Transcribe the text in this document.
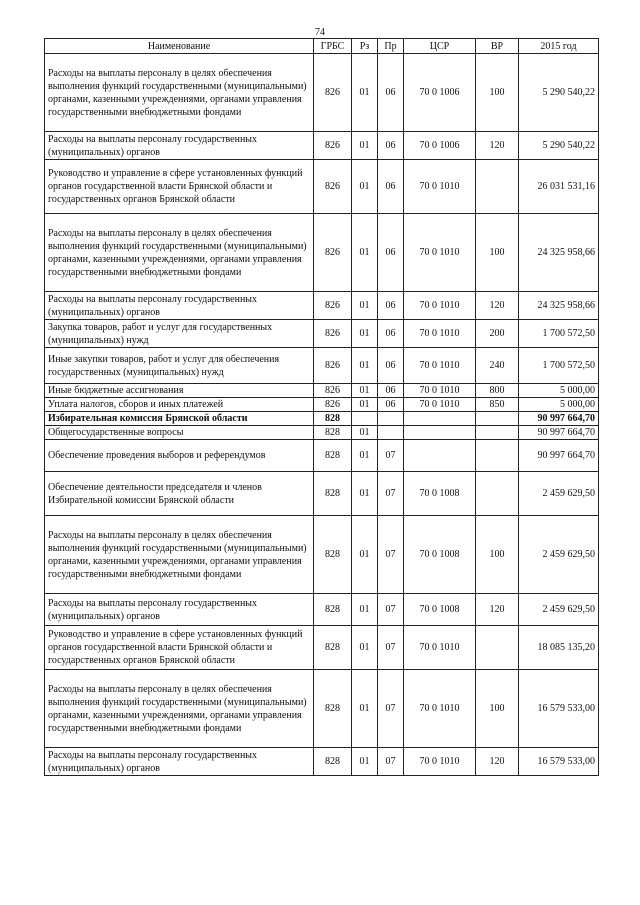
74
Наименование	ГРБС	Рз	Пр	ЦСР	ВР	2015 год
Расходы на выплаты персоналу в целях обеспечения выполнения функций государственными (муниципальными) органами, казенными учреждениями, органами управления государственными внебюджетными фондами	826	01	06	70 0 1006	100	5 290 540,22
Расходы на выплаты персоналу государственных (муниципальных) органов	826	01	06	70 0 1006	120	5 290 540,22
Руководство и управление в сфере установленных функций органов государственной власти Брянской области и государственных органов Брянской области	826	01	06	70 0 1010		26 031 531,16
Расходы на выплаты персоналу в целях обеспечения выполнения функций государственными (муниципальными) органами, казенными учреждениями, органами управления государственными внебюджетными фондами	826	01	06	70 0 1010	100	24 325 958,66
Расходы на выплаты персоналу государственных (муниципальных) органов	826	01	06	70 0 1010	120	24 325 958,66
Закупка товаров, работ и услуг для государственных (муниципальных) нужд	826	01	06	70 0 1010	200	1 700 572,50
Иные закупки товаров, работ и услуг для обеспечения государственных (муниципальных) нужд	826	01	06	70 0 1010	240	1 700 572,50
Иные бюджетные ассигнования	826	01	06	70 0 1010	800	5 000,00
Уплата налогов, сборов и иных платежей	826	01	06	70 0 1010	850	5 000,00
Избирательная комиссия Брянской области	828					90 997 664,70
Общегосударственные вопросы	828	01				90 997 664,70
Обеспечение проведения выборов и референдумов	828	01	07			90 997 664,70
Обеспечение деятельности председателя и членов Избирательной комиссии Брянской области	828	01	07	70 0 1008		2 459 629,50
Расходы на выплаты персоналу в целях обеспечения выполнения функций государственными (муниципальными) органами, казенными учреждениями, органами управления государственными внебюджетными фондами	828	01	07	70 0 1008	100	2 459 629,50
Расходы на выплаты персоналу государственных (муниципальных) органов	828	01	07	70 0 1008	120	2 459 629,50
Руководство и управление в сфере установленных функций органов государственной власти Брянской области и государственных органов Брянской области	828	01	07	70 0 1010		18 085 135,20
Расходы на выплаты персоналу в целях обеспечения выполнения функций государственными (муниципальными) органами, казенными учреждениями, органами управления государственными внебюджетными фондами	828	01	07	70 0 1010	100	16 579 533,00
Расходы на выплаты персоналу государственных (муниципальных) органов	828	01	07	70 0 1010	120	16 579 533,00
